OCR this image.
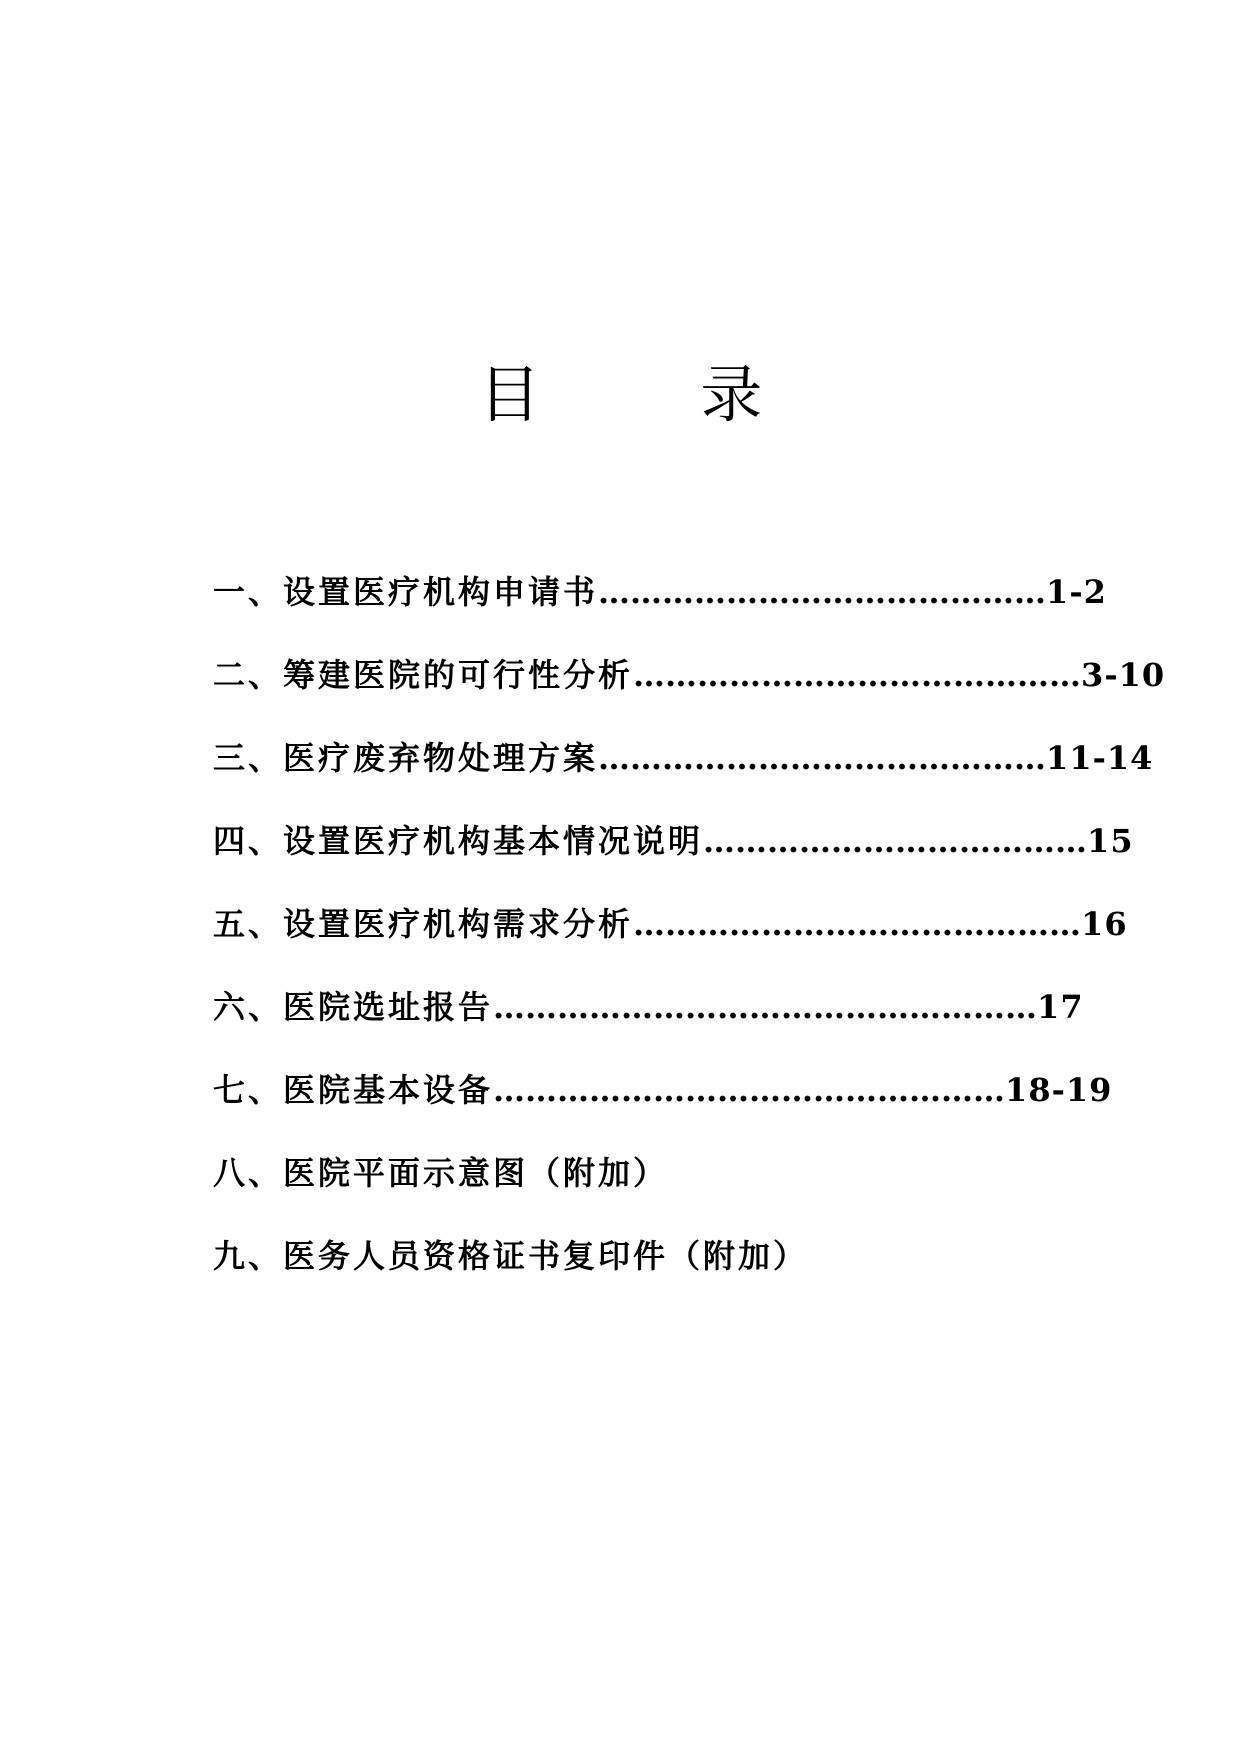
目 录
一、设置医疗机构申请书……………………………………1-2
二、筹建医院的可行性分析……………………………………3-10
三、医疗废弃物处理方案……………………………………11-14
四、设置医疗机构基本情况说明………………………………15
五、设置医疗机构需求分析……………………………………16
六、医院选址报告……………………………………………17
七、医院基本设备…………………………………………18-19
八、医院平面示意图（附加）
九、医务人员资格证书复印件（附加）
